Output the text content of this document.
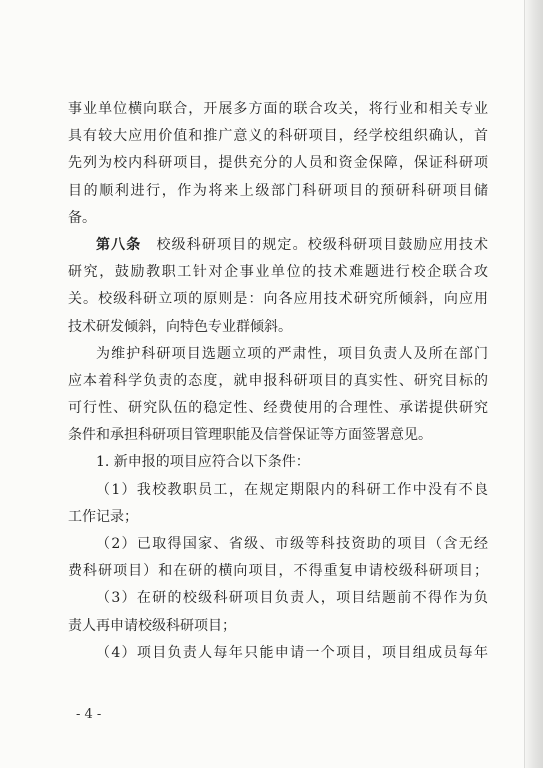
事业单位横向联合，开展多方面的联合攻关，将行业和相关专业
具有较大应用价值和推广意义的科研项目，经学校组织确认，首
先列为校内科研项目，提供充分的人员和资金保障，保证科研项
目的顺利进行，作为将来上级部门科研项目的预研科研项目储
备。
第八条  校级科研项目的规定。校级科研项目鼓励应用技术
研究，鼓励教职工针对企事业单位的技术难题进行校企联合攻
关。校级科研立项的原则是：向各应用技术研究所倾斜，向应用
技术研发倾斜，向特色专业群倾斜。
为维护科研项目选题立项的严肃性，项目负责人及所在部门
应本着科学负责的态度，就申报科研项目的真实性、研究目标的
可行性、研究队伍的稳定性、经费使用的合理性、承诺提供研究
条件和承担科研项目管理职能及信誉保证等方面签署意见。
1. 新申报的项目应符合以下条件：
（1）我校教职员工，在规定期限内的科研工作中没有不良
工作记录；
（2）已取得国家、省级、市级等科技资助的项目（含无经
费科研项目）和在研的横向项目，不得重复申请校级科研项目；
（3）在研的校级科研项目负责人，项目结题前不得作为负
责人再申请校级科研项目；
（4）项目负责人每年只能申请一个项目，项目组成员每年
- 4 -
